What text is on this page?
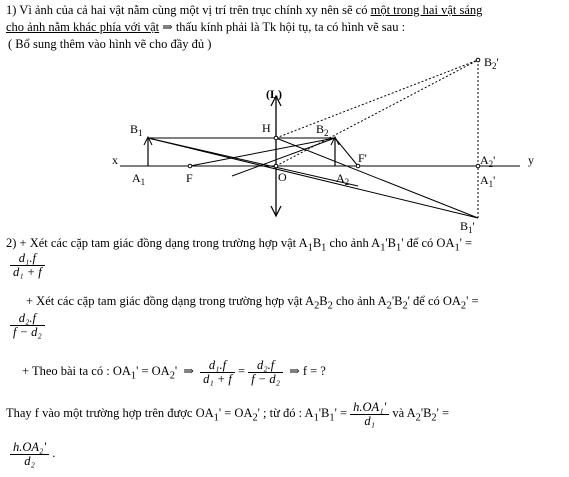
1) Vì ảnh của cả hai vật nằm cùng một vị trí trên trục chính xy nên sẽ có một trong hai vật sáng
cho ảnh nằm khác phía với vật ⇒ thấu kính phải là Tk hội tụ, ta có hình vẽ sau :
( Bổ sung thêm vào hình vẽ cho đầy đủ )
(L)
$B_2'$
$B_1$	H	$B_2$
x	y
F'	$A_2'$
$A_1$	F	O	$A_2$	$A_1'$
$B_1'$
2) + Xét các cặp tam giác đồng dạng trong trường hợp vật $A_1B_1$ cho ảnh $A_1'B_1'$ để có $OA_1'$ =
$\frac{\text{d₁.f}}{\text{d₁ + f}}$
+ Xét các cặp tam giác đồng dạng trong trường hợp vật $A_2B_2$ cho ảnh $A_2'B_2'$ để có $OA_2'$ =
$\frac{\text{d₂.f}}{\text{f − d₂}}$
+ Theo bài ta có : $OA_1' = OA_2'$ ⇒ $\frac{\text{d₁.f}}{\text{d₁ + f}} = \frac{\text{d₂.f}}{\text{f − d₂}}$ ⇒ f = ?
Thay f vào một trường hợp trên được $OA_1' = OA_2'$ ; từ đó : $A_1'B_1' = \frac{\text{h.OA₁'}}{\text{d₁}}$ và $A_2'B_2'$ =
$\frac{\text{h.OA₂'}}{\text{d₂}}$ .
